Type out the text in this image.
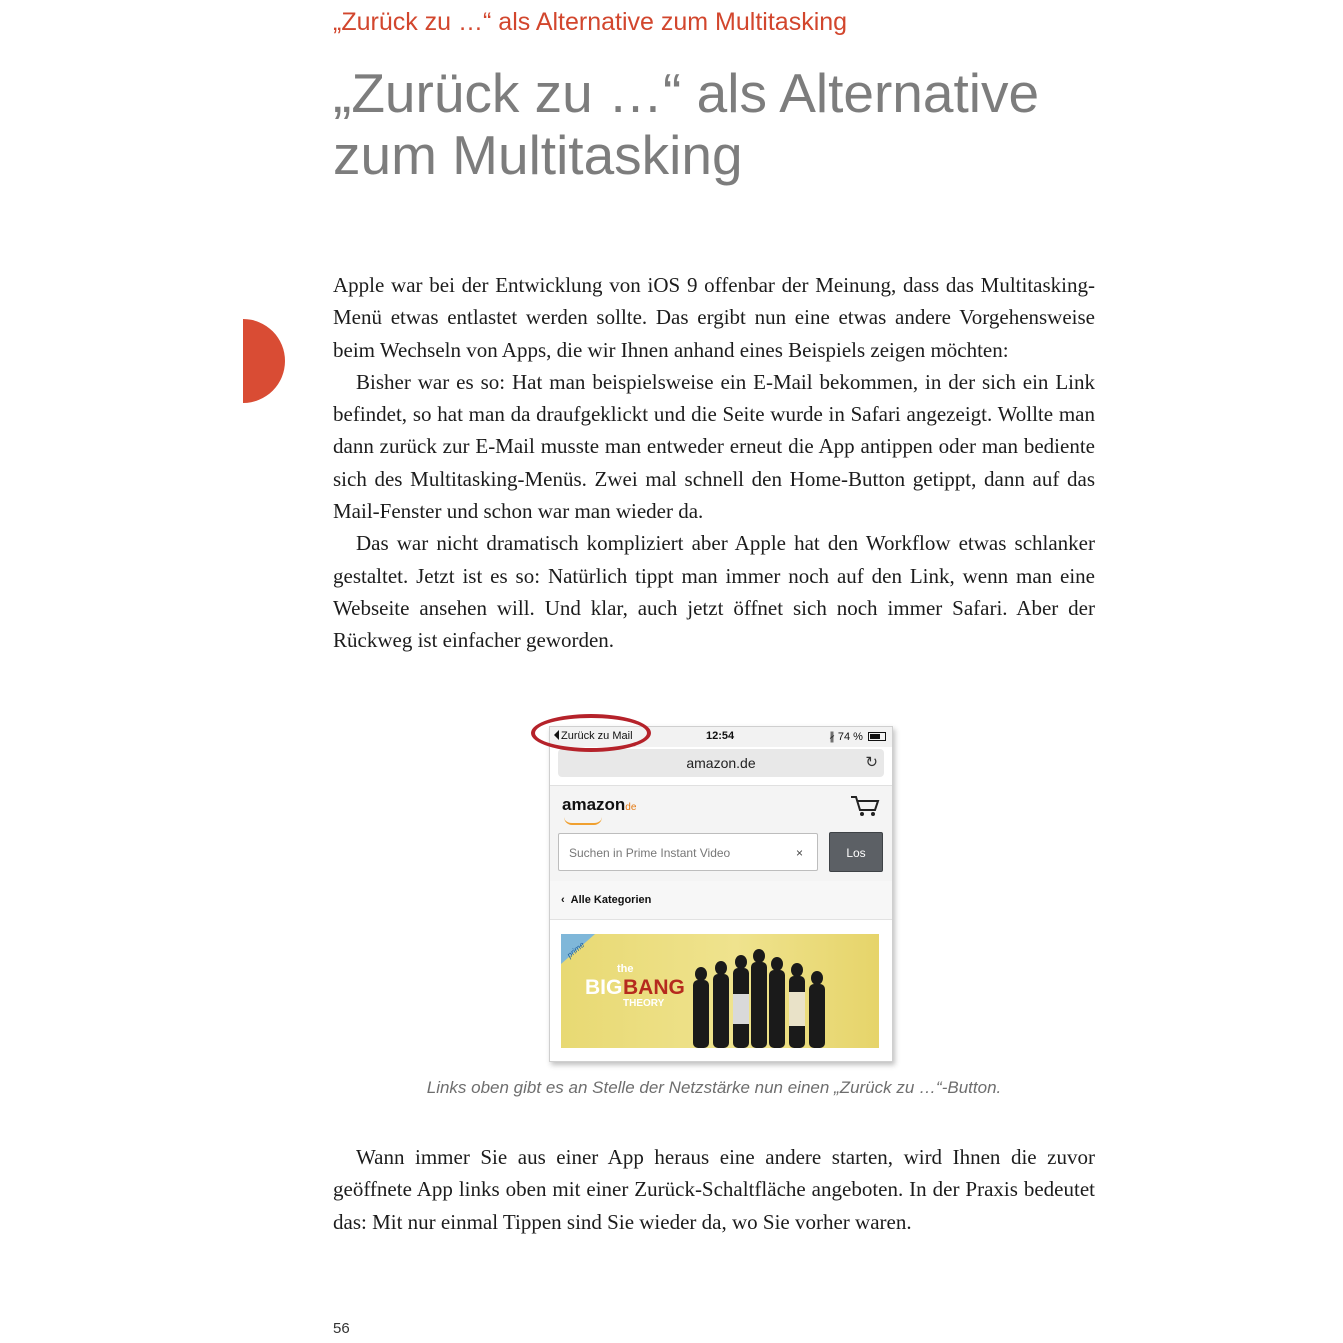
„Zurück zu …“ als Alternative zum Multitasking
„Zurück zu …“ als Alternative zum Multitasking

Apple war bei der Entwicklung von iOS 9 offenbar der Meinung, dass das Multitasking-Menü etwas entlastet werden sollte. Das ergibt nun eine etwas andere Vorgehensweise beim Wechseln von Apps, die wir Ihnen anhand eines Beispiels zeigen möchten:

Bisher war es so: Hat man beispielsweise ein E-Mail bekommen, in der sich ein Link befindet, so hat man da draufgeklickt und die Seite wurde in Safari angezeigt. Wollte man dann zurück zur E-Mail musste man entweder erneut die App antippen oder man bediente sich des Multitasking-Menüs. Zwei mal schnell den Home-Button getippt, dann auf das Mail-Fenster und schon war man wieder da.

Das war nicht dramatisch kompliziert aber Apple hat den Workflow etwas schlanker gestaltet. Jetzt ist es so: Natürlich tippt man immer noch auf den Link, wenn man eine Webseite ansehen will. Und klar, auch jetzt öffnet sich noch immer Safari. Aber der Rückweg ist einfacher geworden.

Zurück zu Mail	12:54	∦ 74 %
amazon.de	↻
amazonde
Suchen in Prime Instant Video	×	Los
‹ Alle Kategorien
prime
the
BIG BANG
THEORY
Links oben gibt es an Stelle der Netzstärke nun einen „Zurück zu …“-Button.

Wann immer Sie aus einer App heraus eine andere starten, wird Ihnen die zuvor geöffnete App links oben mit einer Zurück-Schaltfläche angeboten. In der Praxis bedeutet das: Mit nur einmal Tippen sind Sie wieder da, wo Sie vorher waren.

56
